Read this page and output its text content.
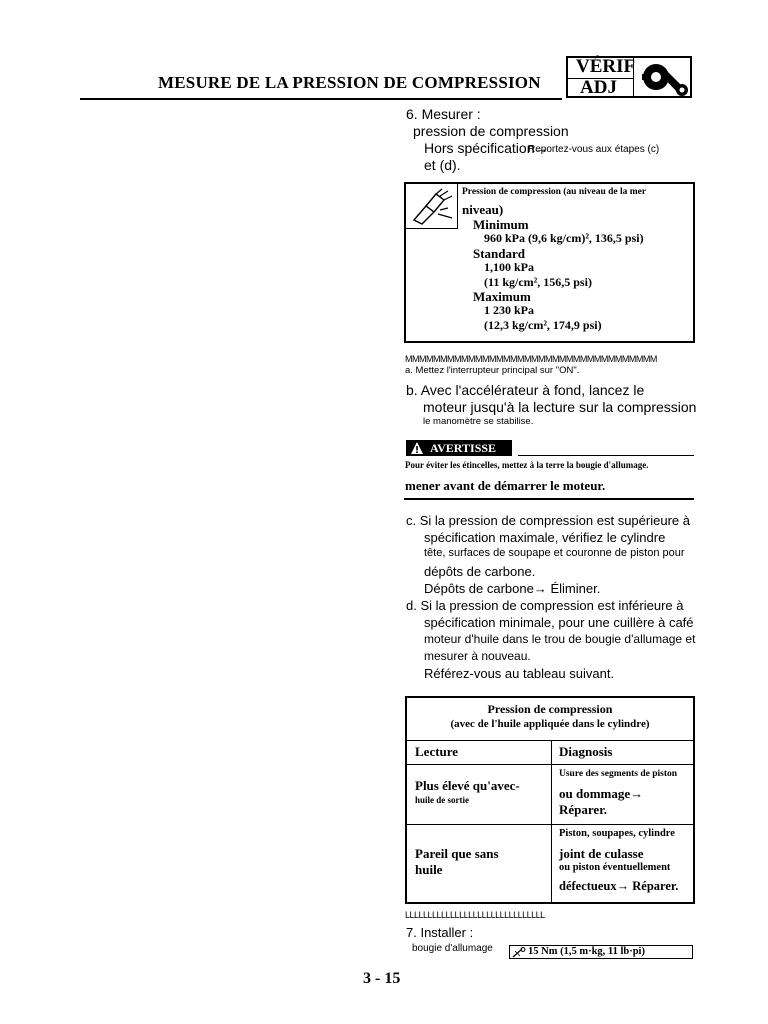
MESURE DE LA PRESSION DE COMPRESSION
VÉRIF
ADJ
6. Mesurer :
pression de compression
Hors spécification→
Reportez-vous aux étapes (c)
et (d).
Pression de compression (au niveau de la mer
niveau)
Minimum
960 kPa (9,6 kg/cm)², 136,5 psi)
Standard
1,100 kPa
(11 kg/cm², 156,5 psi)
Maximum
1 230 kPa
(12,3 kg/cm², 174,9 psi)
MMMMMMMMMMMMMMMMMMMMMMMMMMMMMMMMMMMM
a. Mettez l'interrupteur principal sur "ON".
b. Avec l'accélérateur à fond, lancez le
moteur jusqu'à la lecture sur la compression
le manomètre se stabilise.
AVERTISSE
Pour éviter les étincelles, mettez à la terre la bougie d'allumage.
mener avant de démarrer le moteur.
c. Si la pression de compression est supérieure à
spécification maximale, vérifiez le cylindre
tête, surfaces de soupape et couronne de piston pour
dépôts de carbone.
Dépôts de carbone→ Éliminer.
d. Si la pression de compression est inférieure à
spécification minimale, pour une cuillère à café
moteur d'huile dans le trou de bougie d'allumage et
mesurer à nouveau.
Référez-vous au tableau suivant.
Pression de compression
(avec de l'huile appliquée dans le cylindre)
Lecture	Diagnosis
Plus élevé qu'avec-
huile de sortie
Usure des segments de piston
ou dommage→
Réparer.
Pareil que sans
huile
Piston, soupapes, cylindre
joint de culasse
ou piston éventuellement
défectueux→ Réparer.
LLLLLLLLLLLLLLLLLLLLLLLLLLLLLLL
7. Installer :
bougie d'allumage	15 Nm (1,5 m·kg, 11 lb·pi)
3 - 15
